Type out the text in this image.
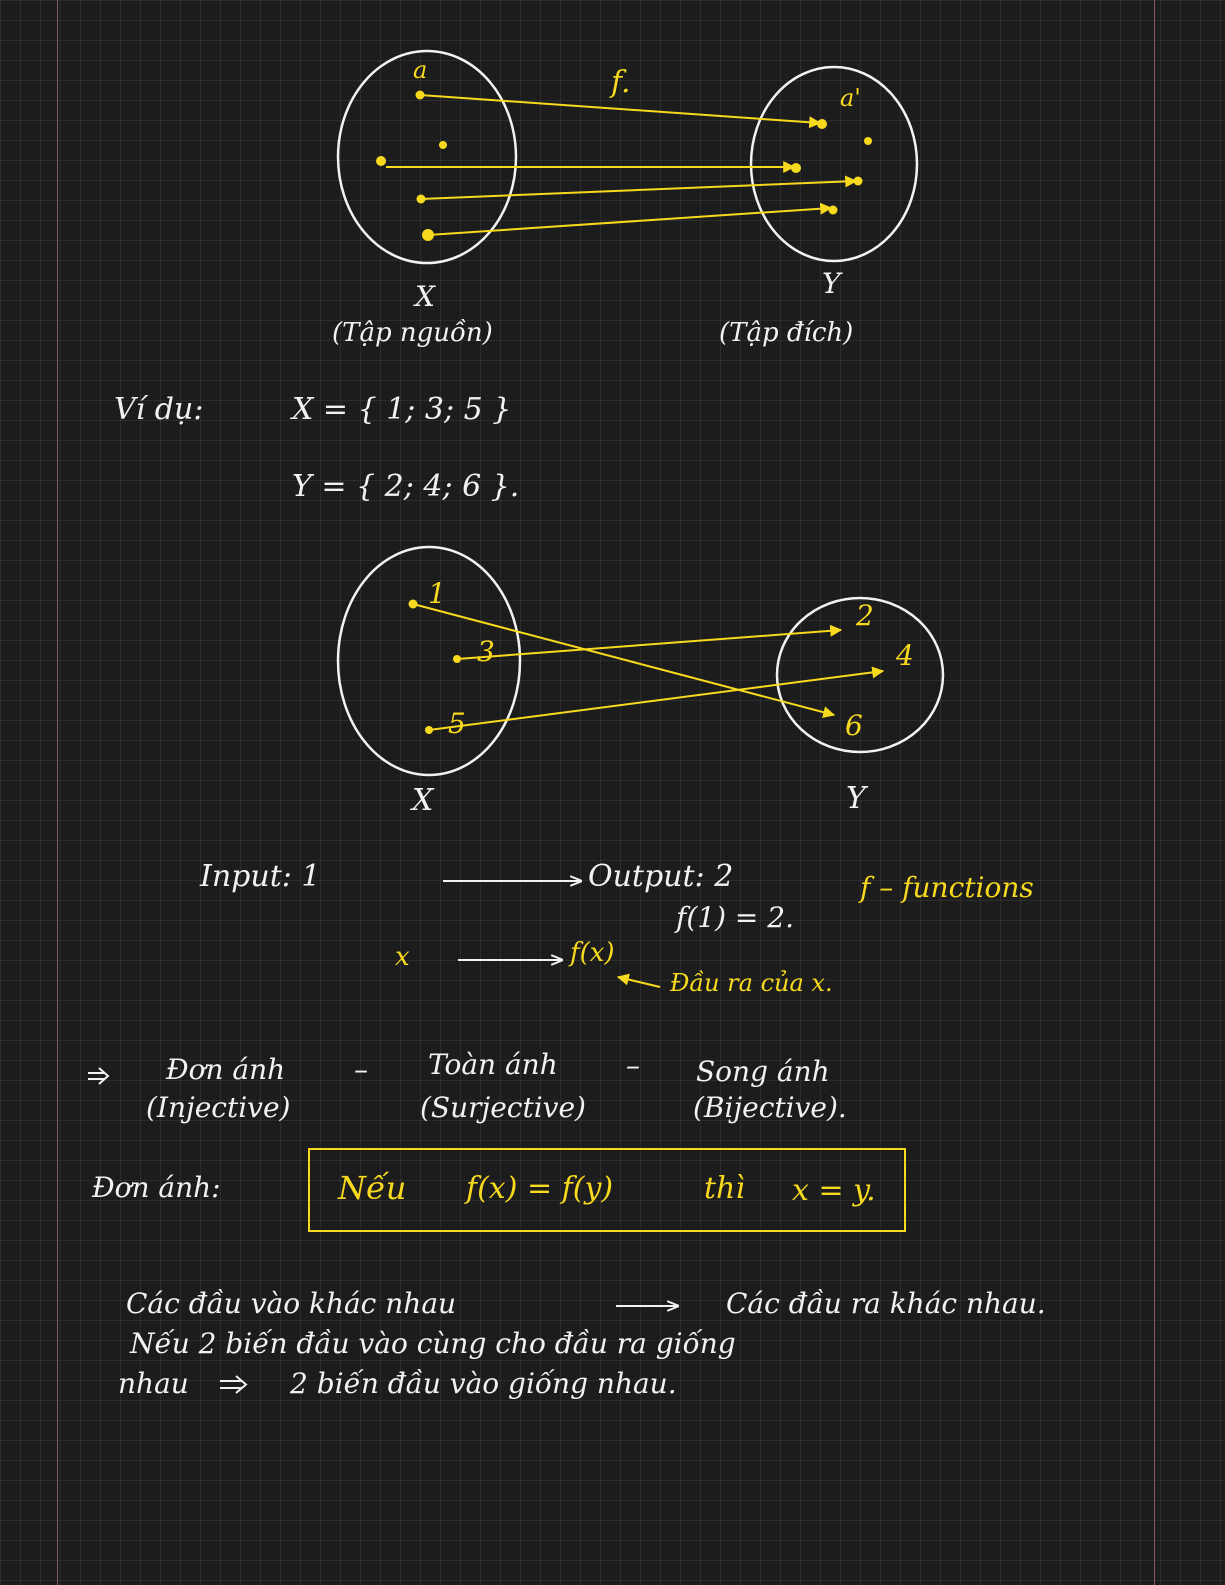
a	f.	a'
X
(Tập nguồn)
Y
(Tập đích)
Ví dụ:	X = { 1; 3; 5 }
Y = { 2; 4; 6 }.
1
3
5
2
4
6
X	Y
Input: 1	Output: 2
f(1) = 2.
f – functions
x	f(x)
Đầu ra của x.
Đơn ánh –
(Injective)
Toàn ánh –
(Surjective)
Song ánh
(Bijective).
Đơn ánh:	Nếu f(x) = f(y)	thì x = y.
Các đầu vào khác nhau	Các đầu ra khác nhau.
Nếu 2 biến đầu vào cùng cho đầu ra giống
nhau	2 biến đầu vào giống nhau.
